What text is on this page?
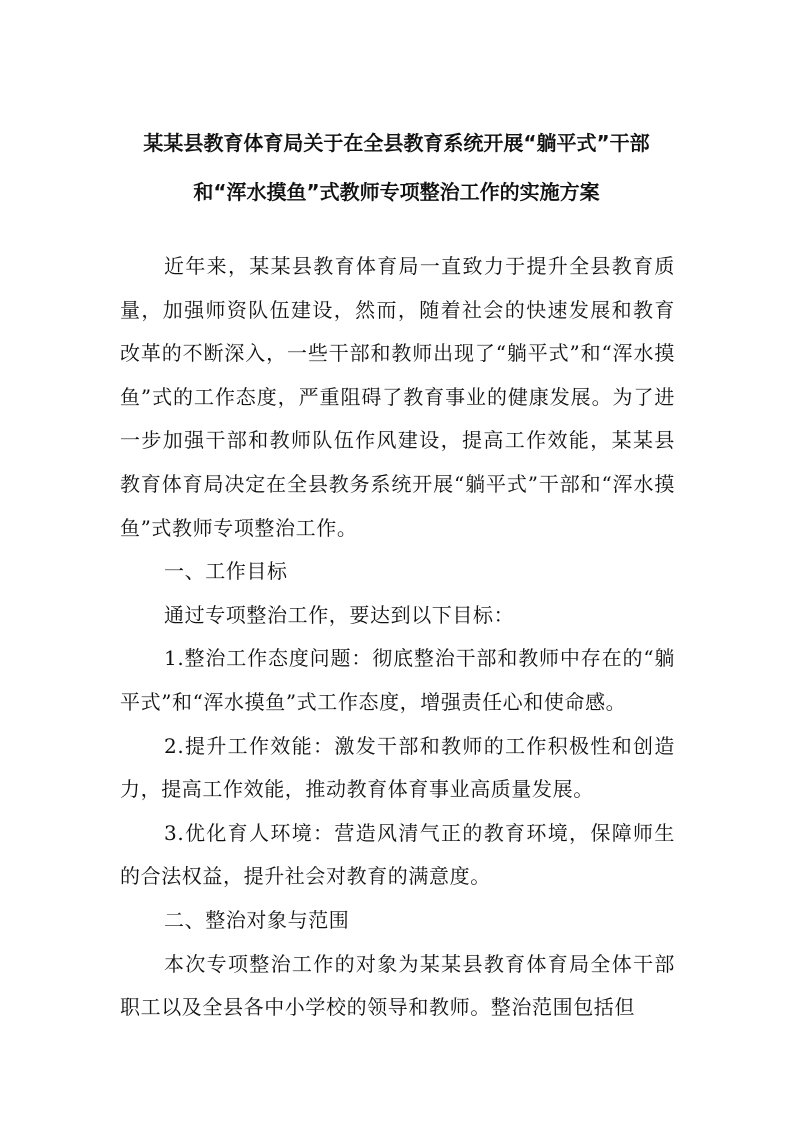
某某县教育体育局关于在全县教育系统开展“躺平式”干部
和“浑水摸鱼”式教师专项整治工作的实施方案

近年来，某某县教育体育局一直致力于提升全县教育质量，加强师资队伍建设，然而，随着社会的快速发展和教育改革的不断深入，一些干部和教师出现了“躺平式”和“浑水摸鱼”式的工作态度，严重阻碍了教育事业的健康发展。为了进一步加强干部和教师队伍作风建设，提高工作效能，某某县教育体育局决定在全县教务系统开展“躺平式”干部和“浑水摸鱼”式教师专项整治工作。

一、工作目标

通过专项整治工作，要达到以下目标：

1.整治工作态度问题：彻底整治干部和教师中存在的“躺平式”和“浑水摸鱼”式工作态度，增强责任心和使命感。

2.提升工作效能：激发干部和教师的工作积极性和创造力，提高工作效能，推动教育体育事业高质量发展。

3.优化育人环境：营造风清气正的教育环境，保障师生的合法权益，提升社会对教育的满意度。

二、整治对象与范围

本次专项整治工作的对象为某某县教育体育局全体干部职工以及全县各中小学校的领导和教师。整治范围包括但
